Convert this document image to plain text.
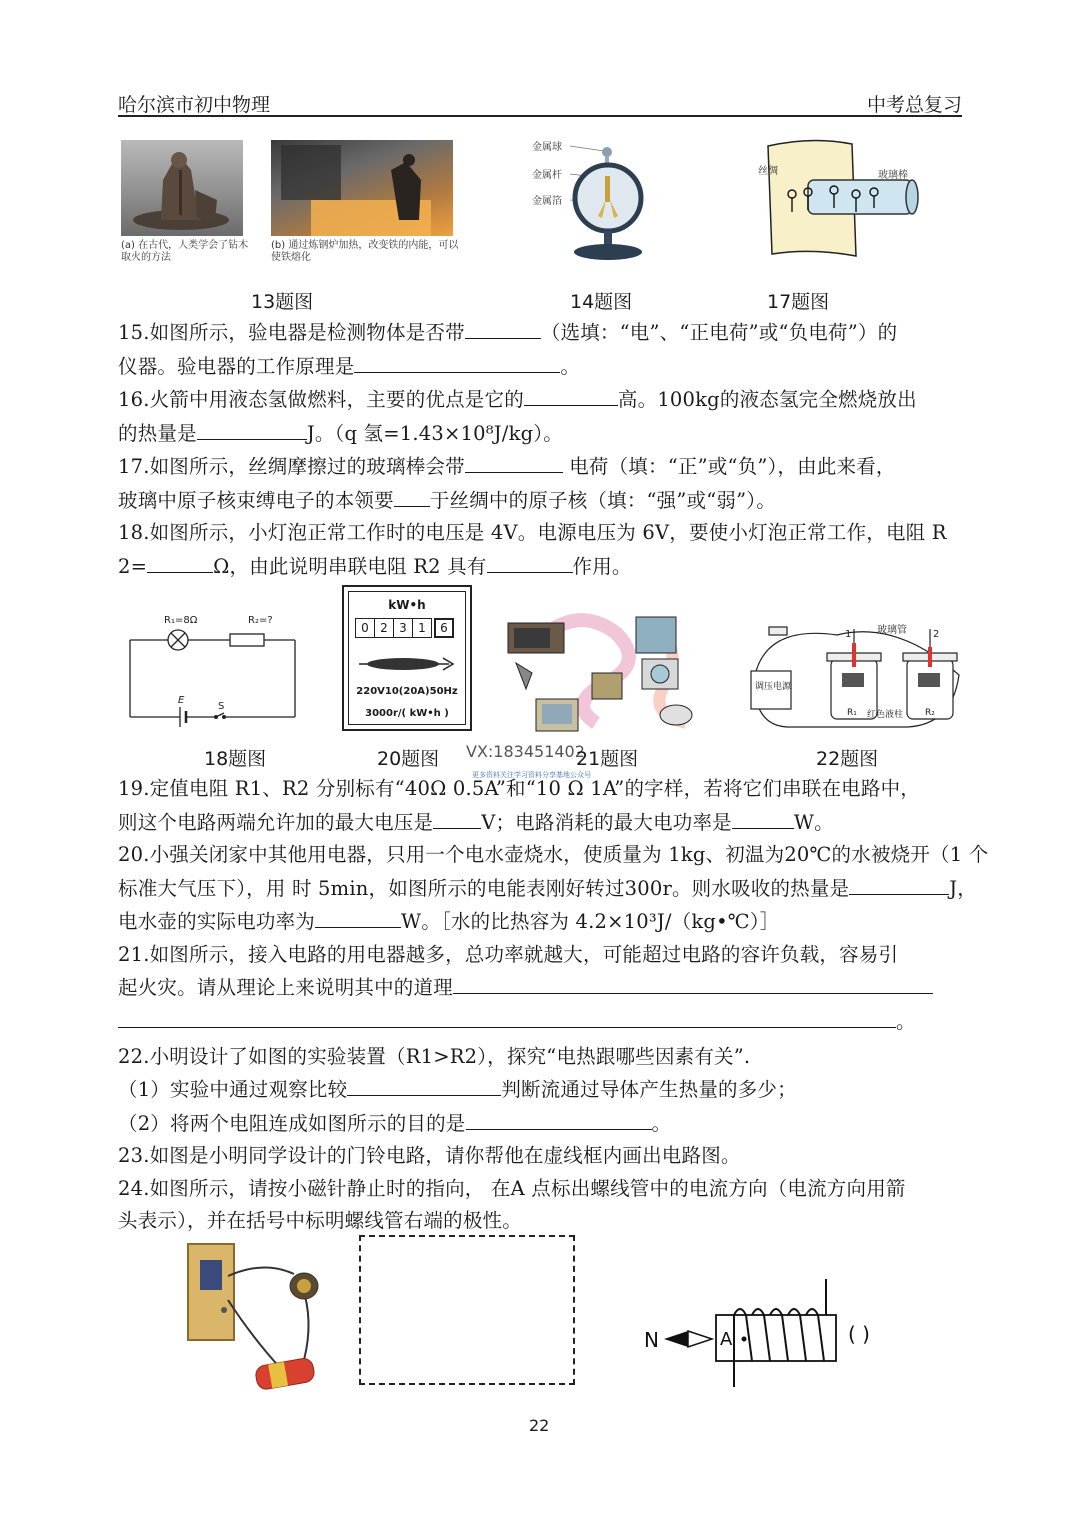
哈尔滨市初中物理	中考总复习
(a) 在古代，人类学会了钻木取火的方法
(b) 通过炼钢炉加热，改变铁的内能，可以使铁熔化
金属球
金属杆
金属箔
丝绸	玻璃棒
13题图	14题图	17题图

15.如图所示，验电器是检测物体是否带	（选填：“电”、“正电荷”或“负电荷”）的

仪器。验电器的工作原理是	。

16.火箭中用液态氢做燃料，主要的优点是它的	高。100kg的液态氢完全燃烧放出

的热量是	J。（q 氢=1.43×10⁸J/kg）。

17.如图所示，丝绸摩擦过的玻璃棒会带	电荷（填：“正”或“负”），由此来看，

玻璃中原子核束缚电子的本领要 于丝绸中的原子核（填：“强”或“弱”）。

18.如图所示，小灯泡正常工作时的电压是 4V。电源电压为 6V，要使小灯泡正常工作，电阻 R

2=	Ω，由此说明串联电阻 R2 具有	作用。

R₁=8Ω	R₂=?
E
S
kW•h
0 2 3 1	6
220V10(20A)50Hz
3000r/( kW•h )
VX:183451402
更多资料关注学习资料分享基地公众号
玻璃管
1	2
调压电源
R₁ 红色液柱 R₂
18题图	20题图	21题图	22题图

19.定值电阻 R1、R2 分别标有“40Ω 0.5A”和“10 Ω 1A”的字样，若将它们串联在电路中，

则这个电路两端允许加的最大电压是 V；电路消耗的最大电功率是	W。

20.小强关闭家中其他用电器，只用一个电水壶烧水，使质量为 1kg、初温为20℃的水被烧开（1 个

标准大气压下），用 时 5min，如图所示的电能表刚好转过300r。则水吸收的热量是	J，

电水壶的实际电功率为	W。［水的比热容为 4.2×10³J/（kg•℃）］

21.如图所示，接入电路的用电器越多，总功率就越大，可能超过电路的容许负载，容易引

起火灾。请从理论上来说明其中的道理

。

22.小明设计了如图的实验装置（R1>R2），探究“电热跟哪些因素有关”.

（1）实验中通过观察比较	判断流通过导体产生热量的多少；

（2）将两个电阻连成如图所示的目的是	。

23.如图是小明同学设计的门铃电路，请你帮他在虚线框内画出电路图。

24.如图所示，请按小磁针静止时的指向， 在A 点标出螺线管中的电流方向（电流方向用箭

头表示），并在括号中标明螺线管右端的极性。

N	A	( )
22
